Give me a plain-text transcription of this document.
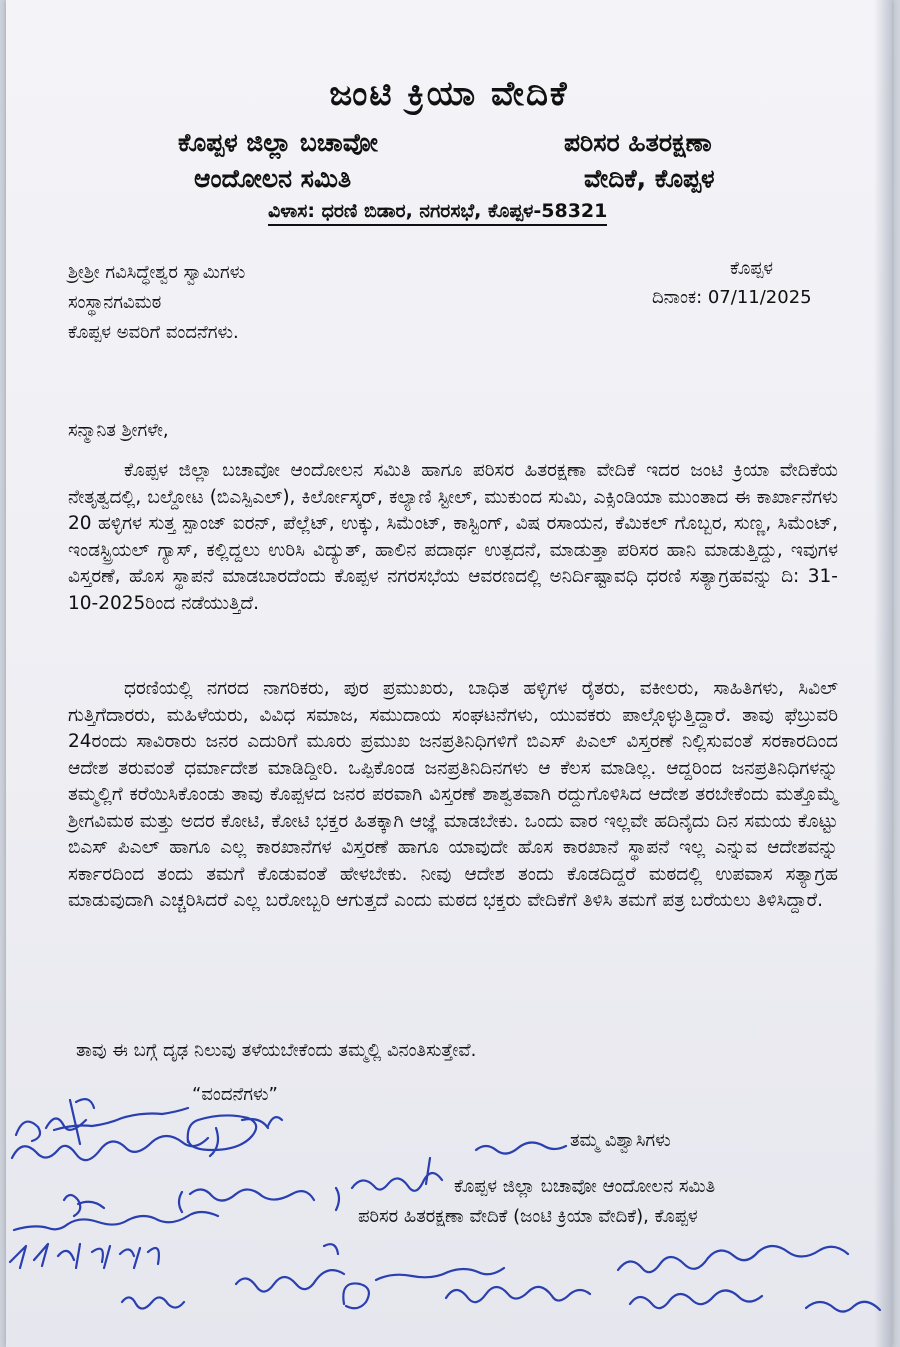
ಜಂಟಿ ಕ್ರಿಯಾ ವೇದಿಕೆ
ಕೊಪ್ಪಳ ಜಿಲ್ಲಾ ಬಚಾವೋ
ಆಂದೋಲನ ಸಮಿತಿ
ಪರಿಸರ ಹಿತರಕ್ಷಣಾ
ವೇದಿಕೆ, ಕೊಪ್ಪಳ
ವಿಳಾಸ: ಧರಣಿ ಬಿಡಾರ, ನಗರಸಭೆ, ಕೊಪ್ಪಳ-58321
ಶ್ರೀಶ್ರೀ ಗವಿಸಿದ್ಧೇಶ್ವರ ಸ್ವಾಮಿಗಳು
ಸಂಸ್ಥಾನಗವಿಮಠ
ಕೊಪ್ಪಳ ಅವರಿಗೆ ವಂದನೆಗಳು.
ಕೊಪ್ಪಳ
ದಿನಾಂಕ: 07/11/2025
ಸನ್ಮಾನಿತ ಶ್ರೀಗಳೇ,

ಕೊಪ್ಪಳ ಜಿಲ್ಲಾ ಬಚಾವೋ ಆಂದೋಲನ ಸಮಿತಿ ಹಾಗೂ ಪರಿಸರ ಹಿತರಕ್ಷಣಾ ವೇದಿಕೆ ಇದರ ಜಂಟಿ ಕ್ರಿಯಾ ವೇದಿಕೆಯ ನೇತೃತ್ವದಲ್ಲಿ, ಬಲ್ದೋಟ (ಬಿಎಸ್ಪಿಎಲ್), ಕಿರ್ಲೋಸ್ಕರ್, ಕಲ್ಯಾಣಿ ಸ್ಟೀಲ್, ಮುಕುಂದ ಸುಮಿ, ಎಕ್ಸಿಂಡಿಯಾ ಮುಂತಾದ ಈ ಕಾರ್ಖಾನೆಗಳು 20 ಹಳ್ಳಿಗಳ ಸುತ್ತ ಸ್ಪಾಂಜ್ ಐರನ್, ಪೆಲ್ಲೆಟ್, ಉಕ್ಕು, ಸಿಮೆಂಟ್, ಕಾಸ್ಟಿಂಗ್, ವಿಷ ರಸಾಯನ, ಕೆಮಿಕಲ್ ಗೊಬ್ಬರ, ಸುಣ್ಣ, ಸಿಮೆಂಟ್, ಇಂಡಸ್ಟ್ರಿಯಲ್ ಗ್ಯಾಸ್, ಕಲ್ಲಿದ್ದಲು ಉರಿಸಿ ವಿದ್ಯುತ್, ಹಾಲಿನ ಪದಾರ್ಥ ಉತ್ಪದನೆ, ಮಾಡುತ್ತಾ ಪರಿಸರ ಹಾನಿ ಮಾಡುತ್ತಿದ್ದು, ಇವುಗಳ ವಿಸ್ತರಣೆ, ಹೊಸ ಸ್ಥಾಪನೆ ಮಾಡಬಾರದೆಂದು ಕೊಪ್ಪಳ ನಗರಸಭೆಯ ಆವರಣದಲ್ಲಿ ಅನಿರ್ದಿಷ್ಟಾವಧಿ ಧರಣಿ ಸತ್ಯಾಗ್ರಹವನ್ನು ದಿ: 31-10-2025ರಿಂದ ನಡೆಯುತ್ತಿದೆ.

ಧರಣಿಯಲ್ಲಿ ನಗರದ ನಾಗರಿಕರು, ಪುರ ಪ್ರಮುಖರು, ಬಾಧಿತ ಹಳ್ಳಿಗಳ ರೈತರು, ವಕೀಲರು, ಸಾಹಿತಿಗಳು, ಸಿವಿಲ್ ಗುತ್ತಿಗೆದಾರರು, ಮಹಿಳೆಯರು, ವಿವಿಧ ಸಮಾಜ, ಸಮುದಾಯ ಸಂಘಟನೆಗಳು, ಯುವಕರು ಪಾಲ್ಗೊಳ್ಳುತ್ತಿದ್ದಾರೆ. ತಾವು ಫೆಬ್ರುವರಿ 24ರಂದು ಸಾವಿರಾರು ಜನರ ಎದುರಿಗೆ ಮೂರು ಪ್ರಮುಖ ಜನಪ್ರತಿನಿಧಿಗಳಿಗೆ ಬಿಎಸ್ ಪಿಎಲ್ ವಿಸ್ತರಣೆ ನಿಲ್ಲಿಸುವಂತೆ ಸರಕಾರದಿಂದ ಆದೇಶ ತರುವಂತೆ ಧರ್ಮಾದೇಶ ಮಾಡಿದ್ದೀರಿ. ಒಪ್ಪಿಕೊಂಡ ಜನಪ್ರತಿನಿದಿನಗಳು ಆ ಕೆಲಸ ಮಾಡಿಲ್ಲ. ಆದ್ದರಿಂದ ಜನಪ್ರತಿನಿಧಿಗಳನ್ನು ತಮ್ಮಲ್ಲಿಗೆ ಕರೆಯಿಸಿಕೊಂಡು ತಾವು ಕೊಪ್ಪಳದ ಜನರ ಪರವಾಗಿ ವಿಸ್ತರಣೆ ಶಾಶ್ವತವಾಗಿ ರದ್ದುಗೊಳಿಸಿದ ಆದೇಶ ತರಬೇಕೆಂದು ಮತ್ತೊಮ್ಮೆ ಶ್ರೀಗವಿಮಠ ಮತ್ತು ಅದರ ಕೋಟಿ, ಕೋಟಿ ಭಕ್ತರ ಹಿತಕ್ಕಾಗಿ ಆಜ್ಞೆ ಮಾಡಬೇಕು. ಒಂದು ವಾರ ಇಲ್ಲವೇ ಹದಿನೈದು ದಿನ ಸಮಯ ಕೊಟ್ಟು ಬಿಎಸ್ ಪಿಎಲ್ ಹಾಗೂ ಎಲ್ಲ ಕಾರಖಾನೆಗಳ ವಿಸ್ತರಣೆ ಹಾಗೂ ಯಾವುದೇ ಹೊಸ ಕಾರಖಾನೆ ಸ್ಥಾಪನೆ ಇಲ್ಲ ಎನ್ನುವ ಆದೇಶವನ್ನು ಸರ್ಕಾರದಿಂದ ತಂದು ತಮಗೆ ಕೊಡುವಂತೆ ಹೇಳಬೇಕು. ನೀವು ಆದೇಶ ತಂದು ಕೊಡದಿದ್ದರೆ ಮಠದಲ್ಲಿ ಉಪವಾಸ ಸತ್ಯಾಗ್ರಹ ಮಾಡುವುದಾಗಿ ಎಚ್ಚರಿಸಿದರೆ ಎಲ್ಲ ಬರೋಬ್ಬರಿ ಆಗುತ್ತದೆ ಎಂದು ಮಠದ ಭಕ್ತರು ವೇದಿಕೆಗೆ ತಿಳಿಸಿ ತಮಗೆ ಪತ್ರ ಬರೆಯಲು ತಿಳಿಸಿದ್ದಾರೆ.

ತಾವು ಈ ಬಗ್ಗೆ ದೃಢ ನಿಲುವು ತಳೆಯಬೇಕೆಂದು ತಮ್ಮಲ್ಲಿ ವಿನಂತಿಸುತ್ತೇವೆ.
“ವಂದನೆಗಳು”
ತಮ್ಮ ವಿಶ್ವಾಸಿಗಳು
ಕೊಪ್ಪಳ ಜಿಲ್ಲಾ ಬಚಾವೋ ಆಂದೋಲನ ಸಮಿತಿ
ಪರಿಸರ ಹಿತರಕ್ಷಣಾ ವೇದಿಕೆ (ಜಂಟಿ ಕ್ರಿಯಾ ವೇದಿಕೆ), ಕೊಪ್ಪಳ
